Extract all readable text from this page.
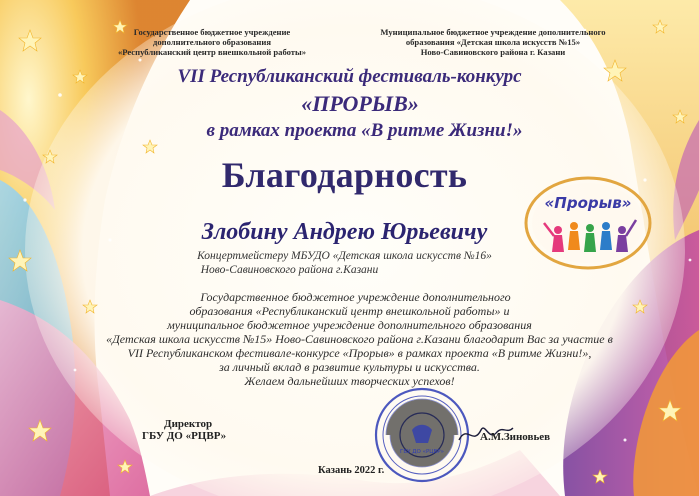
Государственное бюджетное учреждение
дополнительного образования
«Республиканский центр внешкольной работы»
Муниципальное бюджетное учреждение дополнительного
образования «Детская школа искусств №15»
Ново-Савиновского района г. Казани
VII Республиканский фестиваль-конкурс
«ПРОРЫВ»
в рамках проекта «В ритме Жизни!»
Благодарность
«Прорыв»
Злобину Андрею Юрьевичу
Концертмейстеру МБУДО «Детская школа искусств №16»
Ново-Савиновского района г.Казани
Государственное бюджетное учреждение дополнительного
образования «Республиканский центр внешкольной работы» и
муниципальное бюджетное учреждение дополнительного образования
«Детская школа искусств №15» Ново-Савиновского района г.Казани благодарит Вас за участие в
VII Республиканском фестивале-конкурсе «Прорыв» в рамках проекта «В ритме Жизни!»,
за личный вклад в развитие культуры и искусства.
Желаем дальнейших творческих успехов!
Директор
ГБУ ДО «РЦВР»
ГБУ ДО «РЦВР»
А.М.Зиновьев
Казань 2022 г.
